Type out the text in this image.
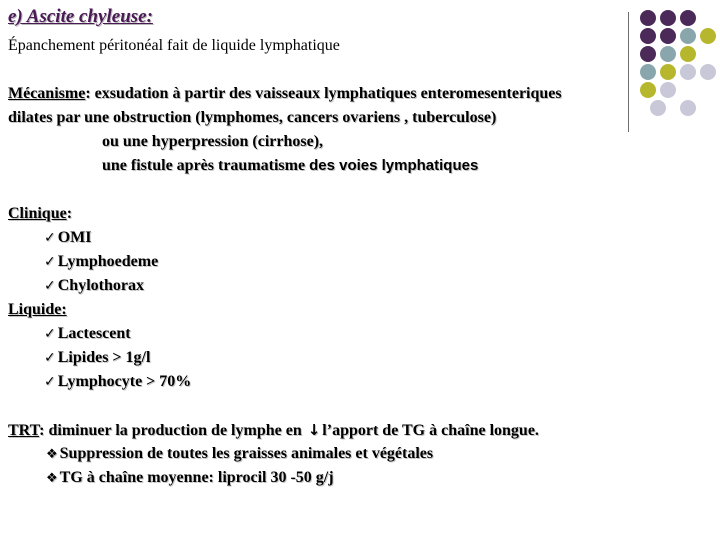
e) Ascite chyleuse:
Épanchement péritonéal fait de liquide lymphatique
Mécanisme: exsudation à partir des vaisseaux lymphatiques enteromesenteriques
dilates par une obstruction (lymphomes, cancers ovariens , tuberculose)
ou une hyperpression (cirrhose),
une fistule après traumatisme des voies lymphatiques
Clinique:
✓ OMI
✓ Lymphoedeme
✓ Chylothorax
Liquide:
✓ Lactescent
✓ Lipides > 1g/l
✓ Lymphocyte > 70%
TRT: diminuer la production de lymphe en ↓ l’apport de TG à chaîne longue.
❖ Suppression de toutes les graisses animales et végétales
❖ TG à chaîne moyenne: liprocil 30 -50 g/j
